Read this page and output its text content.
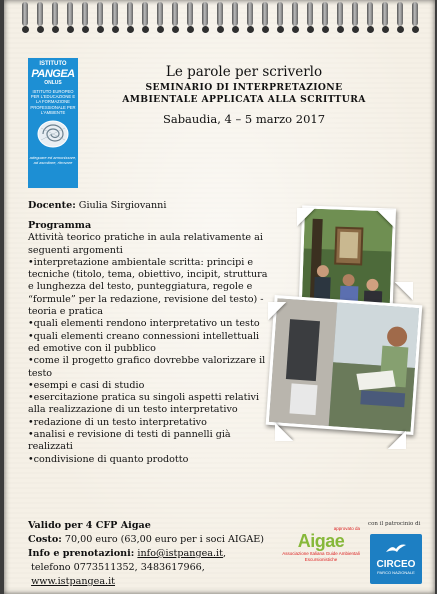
ISTITUTO
PANGEA
ONLUS
ISTITUTO EUROPEO PER L'EDUCAZIONE E LA FORMAZIONE PROFESSIONALE PER L'AMBIENTE
adeguare ed armonizzare, ad ascoltare, ritrovare
Le parole per scriverlo
SEMINARIO DI INTERPRETAZIONE
AMBIENTALE APPLICATA ALLA SCRITTURA
Sabaudia, 4 – 5 marzo 2017
Docente: Giulia Sirgiovanni
Programma
Attività teorico pratiche in aula relativamente ai seguenti argomenti
•interpretazione ambientale scritta: principi e tecniche (titolo, tema, obiettivo, incipit, struttura e lunghezza del testo, punteggiatura, regole e “formule” per la redazione, revisione del testo) - teoria e pratica
•quali elementi rendono interpretativo un testo
•quali elementi creano connessioni intellettuali ed emotive con il pubblico
•come il progetto grafico dovrebbe valorizzare il testo
•esempi e casi di studio
•esercitazione pratica su singoli aspetti relativi alla realizzazione di un testo interpretativo
•redazione di un testo interpretativo
•analisi e revisione di testi di pannelli già realizzati
•condivisione di quanto prodotto
Valido per 4 CFP Aigae
Costo: 70,00 euro (63,00 euro per i soci AIGAE)
Info e prenotazioni: info@istpangea.it,
telefono 0773511352, 3483617966,
www.istpangea.it
approvato da
Aigae
Associazione Italiana Guide Ambientali Escursionistiche
con il patrocinio di
CIRCEO
PARCO NAZIONALE
